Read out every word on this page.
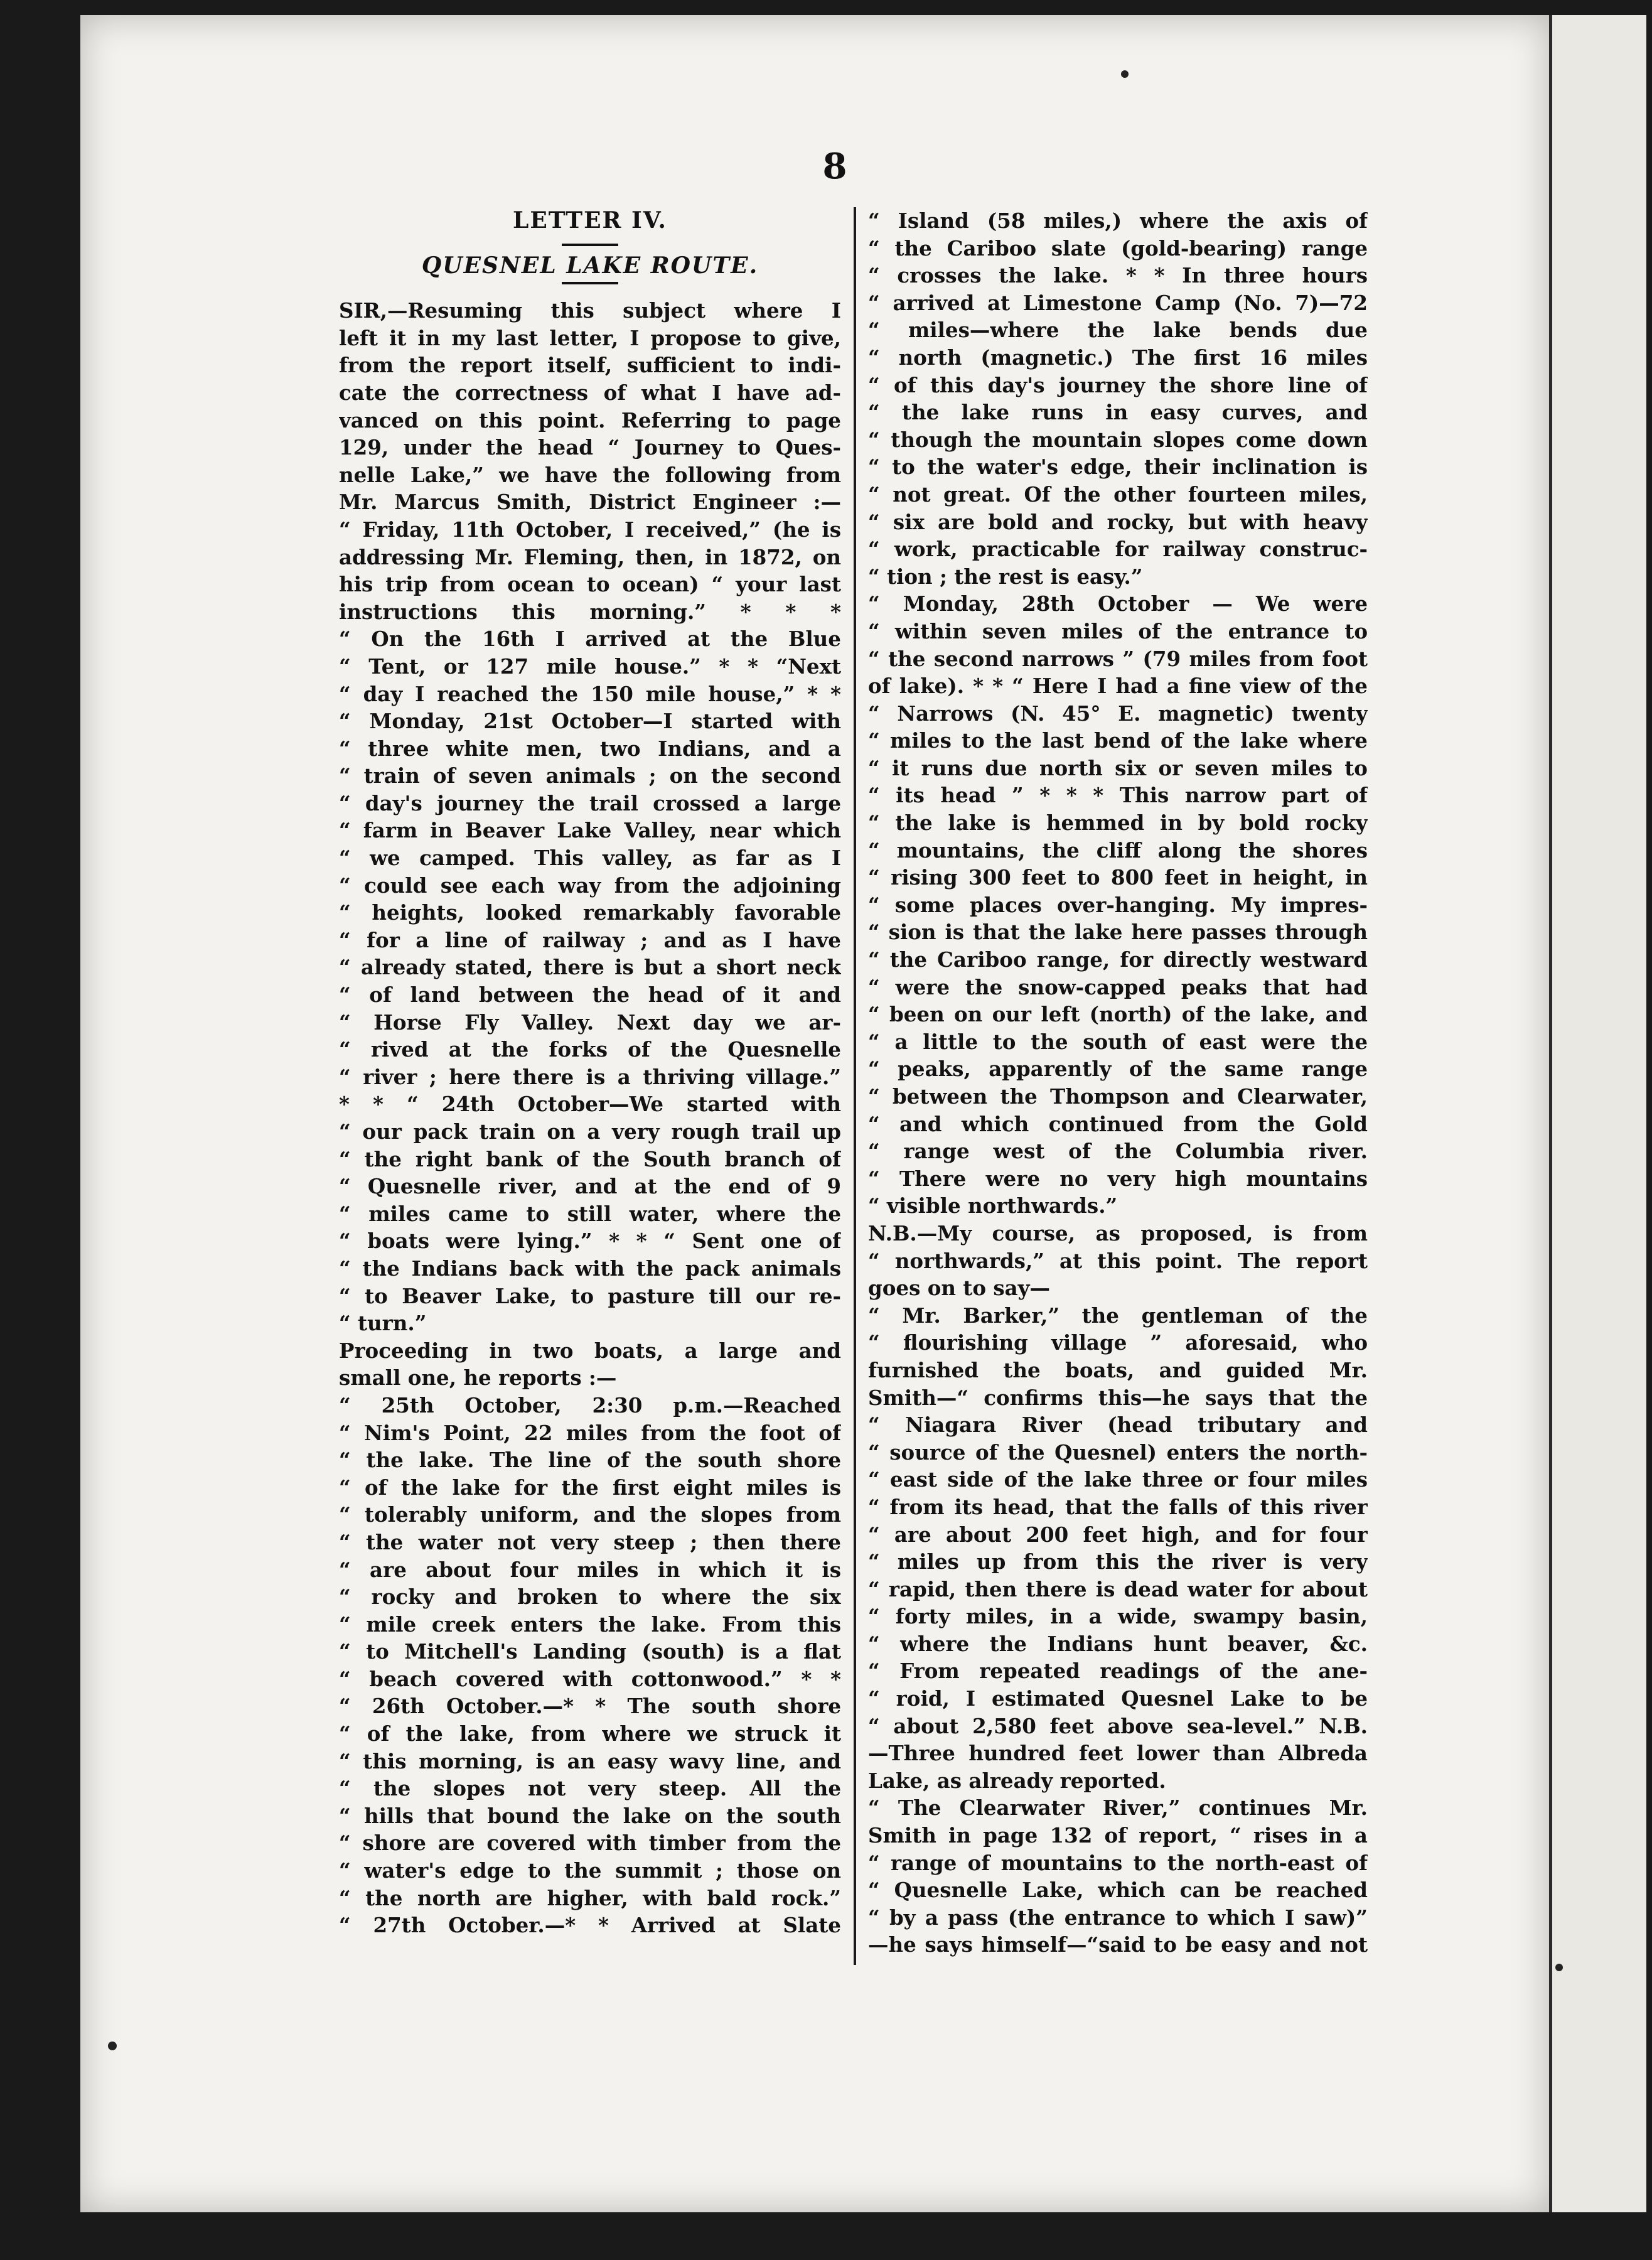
8
LETTER IV.
QUESNEL LAKE ROUTE.
SIR,—Resuming this subject where I
left it in my last letter, I propose to give,
from the report itself, sufficient to indi-
cate the correctness of what I have ad-
vanced on this point. Referring to page
129, under the head “ Journey to Ques-
nelle Lake,” we have the following from
Mr. Marcus Smith, District Engineer :—
“ Friday, 11th October, I received,” (he is
addressing Mr. Fleming, then, in 1872, on
his trip from ocean to ocean) “ your last
instructions this morning.” * * *
“ On the 16th I arrived at the Blue
“ Tent, or 127 mile house.” * * “Next
“ day I reached the 150 mile house,” * *
“ Monday, 21st October—I started with
“ three white men, two Indians, and a
“ train of seven animals ; on the second
“ day's journey the trail crossed a large
“ farm in Beaver Lake Valley, near which
“ we camped. This valley, as far as I
“ could see each way from the adjoining
“ heights, looked remarkably favorable
“ for a line of railway ; and as I have
“ already stated, there is but a short neck
“ of land between the head of it and
“ Horse Fly Valley. Next day we ar-
“ rived at the forks of the Quesnelle
“ river ; here there is a thriving village.”
* * “ 24th October—We started with
“ our pack train on a very rough trail up
“ the right bank of the South branch of
“ Quesnelle river, and at the end of 9
“ miles came to still water, where the
“ boats were lying.” * * “ Sent one of
“ the Indians back with the pack animals
“ to Beaver Lake, to pasture till our re-
“ turn.”
Proceeding in two boats, a large and
small one, he reports :—
“ 25th October, 2:30 p.m.—Reached
“ Nim's Point, 22 miles from the foot of
“ the lake. The line of the south shore
“ of the lake for the first eight miles is
“ tolerably uniform, and the slopes from
“ the water not very steep ; then there
“ are about four miles in which it is
“ rocky and broken to where the six
“ mile creek enters the lake. From this
“ to Mitchell's Landing (south) is a flat
“ beach covered with cottonwood.” * *
“ 26th October.—* * The south shore
“ of the lake, from where we struck it
“ this morning, is an easy wavy line, and
“ the slopes not very steep. All the
“ hills that bound the lake on the south
“ shore are covered with timber from the
“ water's edge to the summit ; those on
“ the north are higher, with bald rock.”
“ 27th October.—* * Arrived at Slate
“ Island (58 miles,) where the axis of
“ the Cariboo slate (gold-bearing) range
“ crosses the lake. * * In three hours
“ arrived at Limestone Camp (No. 7)—72
“ miles—where the lake bends due
“ north (magnetic.) The first 16 miles
“ of this day's journey the shore line of
“ the lake runs in easy curves, and
“ though the mountain slopes come down
“ to the water's edge, their inclination is
“ not great. Of the other fourteen miles,
“ six are bold and rocky, but with heavy
“ work, practicable for railway construc-
“ tion ; the rest is easy.”
“ Monday, 28th October — We were
“ within seven miles of the entrance to
“ the second narrows ” (79 miles from foot
of lake). * * “ Here I had a fine view of the
“ Narrows (N. 45° E. magnetic) twenty
“ miles to the last bend of the lake where
“ it runs due north six or seven miles to
“ its head ” * * * This narrow part of
“ the lake is hemmed in by bold rocky
“ mountains, the cliff along the shores
“ rising 300 feet to 800 feet in height, in
“ some places over-hanging. My impres-
“ sion is that the lake here passes through
“ the Cariboo range, for directly westward
“ were the snow-capped peaks that had
“ been on our left (north) of the lake, and
“ a little to the south of east were the
“ peaks, apparently of the same range
“ between the Thompson and Clearwater,
“ and which continued from the Gold
“ range west of the Columbia river.
“ There were no very high mountains
“ visible northwards.”
N.B.—My course, as proposed, is from
“ northwards,” at this point. The report
goes on to say—
“ Mr. Barker,” the gentleman of the
“ flourishing village ” aforesaid, who
furnished the boats, and guided Mr.
Smith—“ confirms this—he says that the
“ Niagara River (head tributary and
“ source of the Quesnel) enters the north-
“ east side of the lake three or four miles
“ from its head, that the falls of this river
“ are about 200 feet high, and for four
“ miles up from this the river is very
“ rapid, then there is dead water for about
“ forty miles, in a wide, swampy basin,
“ where the Indians hunt beaver, &c.
“ From repeated readings of the ane-
“ roid, I estimated Quesnel Lake to be
“ about 2,580 feet above sea-level.” N.B.
—Three hundred feet lower than Albreda
Lake, as already reported.
“ The Clearwater River,” continues Mr.
Smith in page 132 of report, “ rises in a
“ range of mountains to the north-east of
“ Quesnelle Lake, which can be reached
“ by a pass (the entrance to which I saw)”
—he says himself—“said to be easy and not
